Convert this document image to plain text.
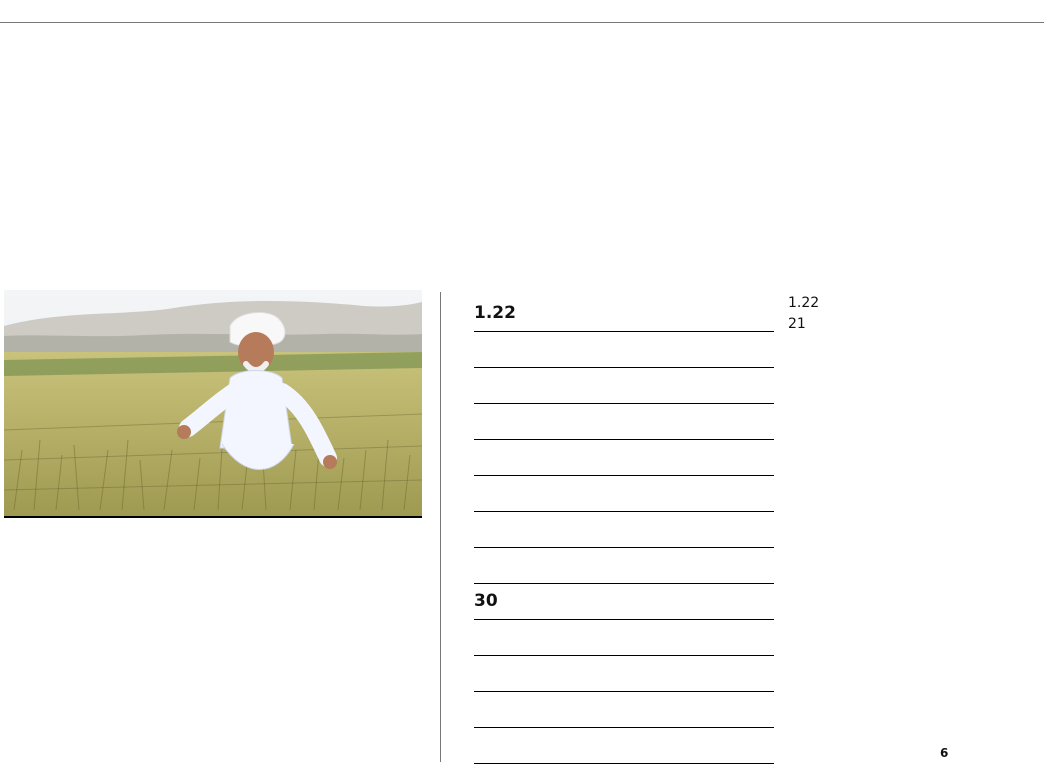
1.22
30
1.22
21
6
